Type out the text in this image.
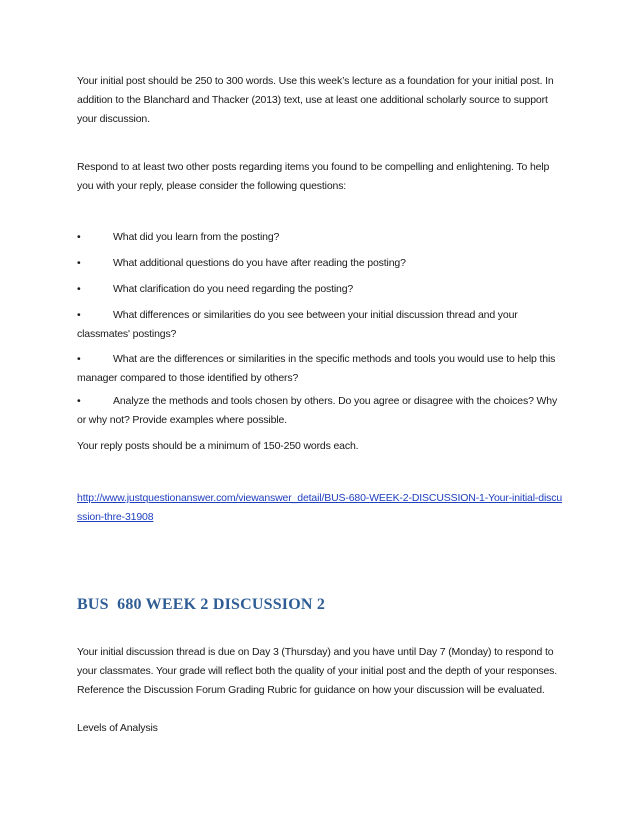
Your initial post should be 250 to 300 words. Use this week’s lecture as a foundation for your initial post. In addition to the Blanchard and Thacker (2013) text, use at least one additional scholarly source to support your discussion.

Respond to at least two other posts regarding items you found to be compelling and enlightening. To help you with your reply, please consider the following questions:

•	What did you learn from the posting?
•	What additional questions do you have after reading the posting?
•	What clarification do you need regarding the posting?
•	What differences or similarities do you see between your initial discussion thread and your classmates' postings?
•	What are the differences or similarities in the specific methods and tools you would use to help this manager compared to those identified by others?
•	Analyze the methods and tools chosen by others. Do you agree or disagree with the choices? Why or why not? Provide examples where possible.

Your reply posts should be a minimum of 150-250 words each.

http://www.justquestionanswer.com/viewanswer_detail/BUS-680-WEEK-2-DISCUSSION-1-Your-initial-discussion-thre-31908
BUS  680 WEEK 2 DISCUSSION 2

Your initial discussion thread is due on Day 3 (Thursday) and you have until Day 7 (Monday) to respond to your classmates. Your grade will reflect both the quality of your initial post and the depth of your responses. Reference the Discussion Forum Grading Rubric for guidance on how your discussion will be evaluated.

Levels of Analysis
